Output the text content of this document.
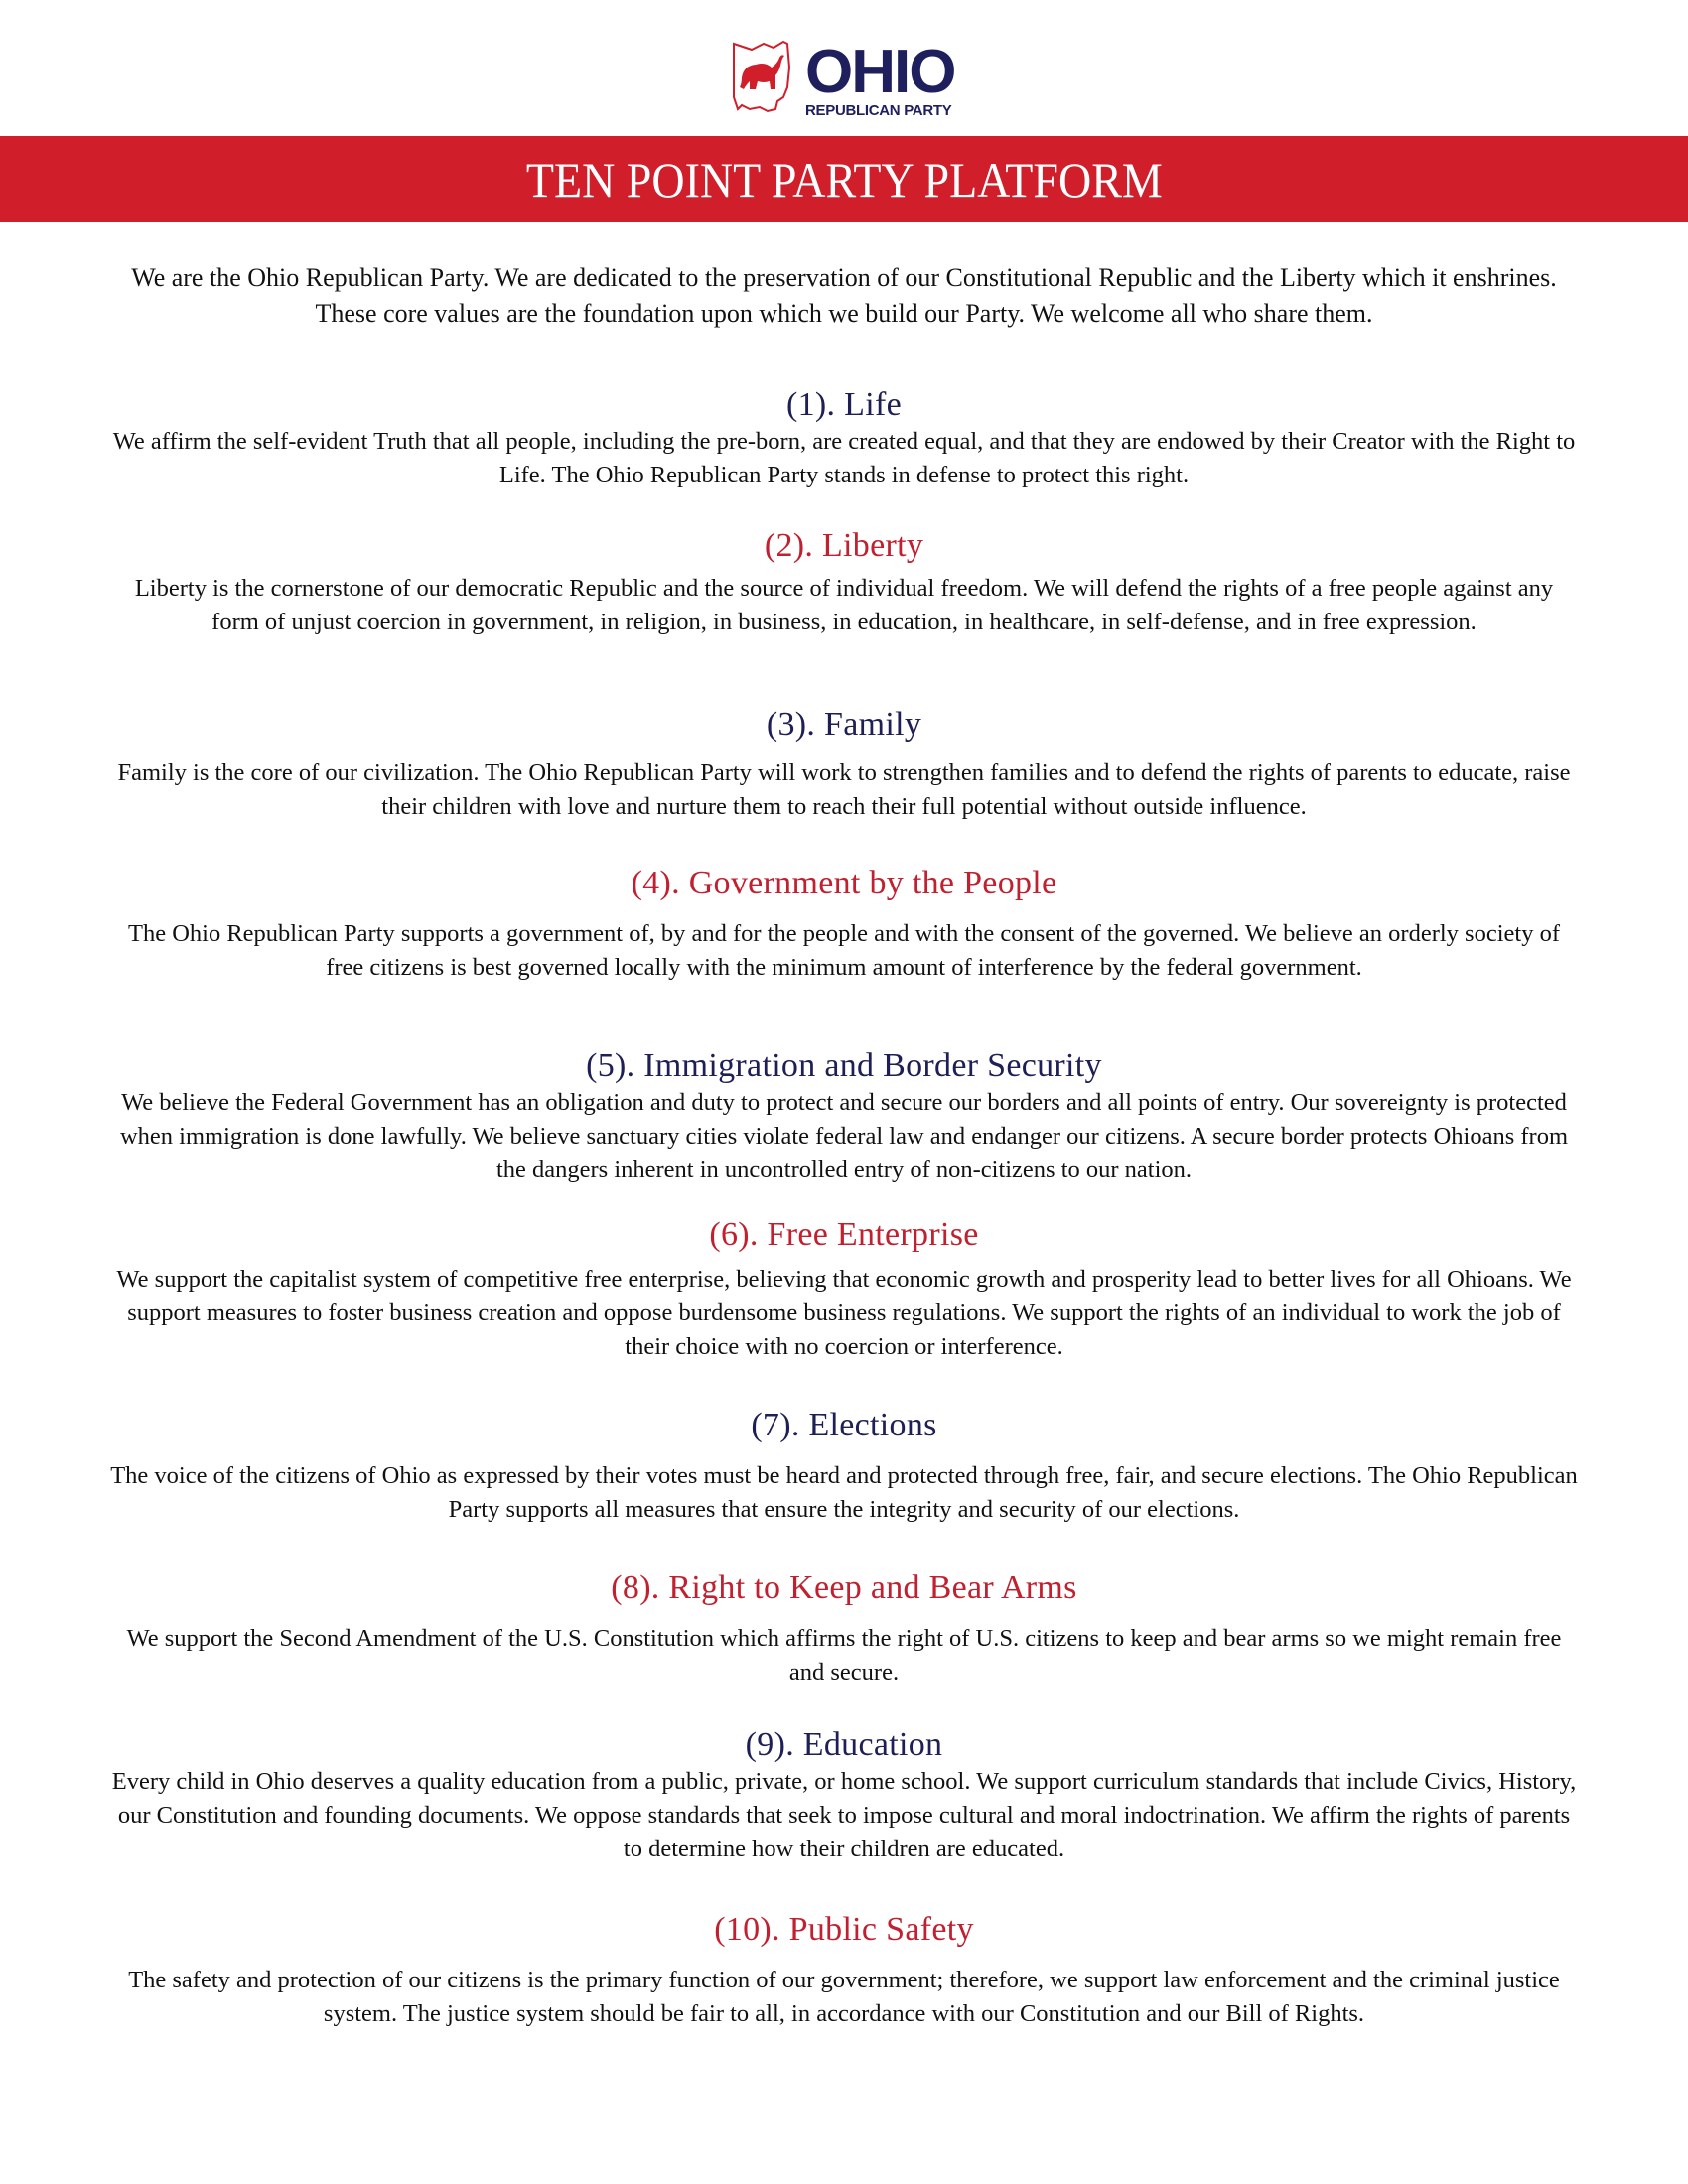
OHIO
REPUBLICAN PARTY
TEN POINT PARTY PLATFORM

We are the Ohio Republican Party. We are dedicated to the preservation of our Constitutional Republic and the Liberty which it enshrines. These core values are the foundation upon which we build our Party. We welcome all who share them.

(1). Life

We affirm the self-evident Truth that all people, including the pre-born, are created equal, and that they are endowed by their Creator with the Right to Life. The Ohio Republican Party stands in defense to protect this right.

(2). Liberty

Liberty is the cornerstone of our democratic Republic and the source of individual freedom. We will defend the rights of a free people against any form of unjust coercion in government, in religion, in business, in education, in healthcare, in self-defense, and in free expression.

(3). Family

Family is the core of our civilization. The Ohio Republican Party will work to strengthen families and to defend the rights of parents to educate, raise their children with love and nurture them to reach their full potential without outside influence.

(4). Government by the People

The Ohio Republican Party supports a government of, by and for the people and with the consent of the governed. We believe an orderly society of free citizens is best governed locally with the minimum amount of interference by the federal government.

(5). Immigration and Border Security

We believe the Federal Government has an obligation and duty to protect and secure our borders and all points of entry. Our sovereignty is protected when immigration is done lawfully. We believe sanctuary cities violate federal law and endanger our citizens. A secure border protects Ohioans from the dangers inherent in uncontrolled entry of non-citizens to our nation.

(6). Free Enterprise

We support the capitalist system of competitive free enterprise, believing that economic growth and prosperity lead to better lives for all Ohioans. We support measures to foster business creation and oppose burdensome business regulations. We support the rights of an individual to work the job of their choice with no coercion or interference.

(7). Elections

The voice of the citizens of Ohio as expressed by their votes must be heard and protected through free, fair, and secure elections. The Ohio Republican Party supports all measures that ensure the integrity and security of our elections.

(8). Right to Keep and Bear Arms

We support the Second Amendment of the U.S. Constitution which affirms the right of U.S. citizens to keep and bear arms so we might remain free and secure.

(9). Education

Every child in Ohio deserves a quality education from a public, private, or home school. We support curriculum standards that include Civics, History, our Constitution and founding documents. We oppose standards that seek to impose cultural and moral indoctrination. We affirm the rights of parents to determine how their children are educated.

(10). Public Safety

The safety and protection of our citizens is the primary function of our government; therefore, we support law enforcement and the criminal justice system. The justice system should be fair to all, in accordance with our Constitution and our Bill of Rights.
